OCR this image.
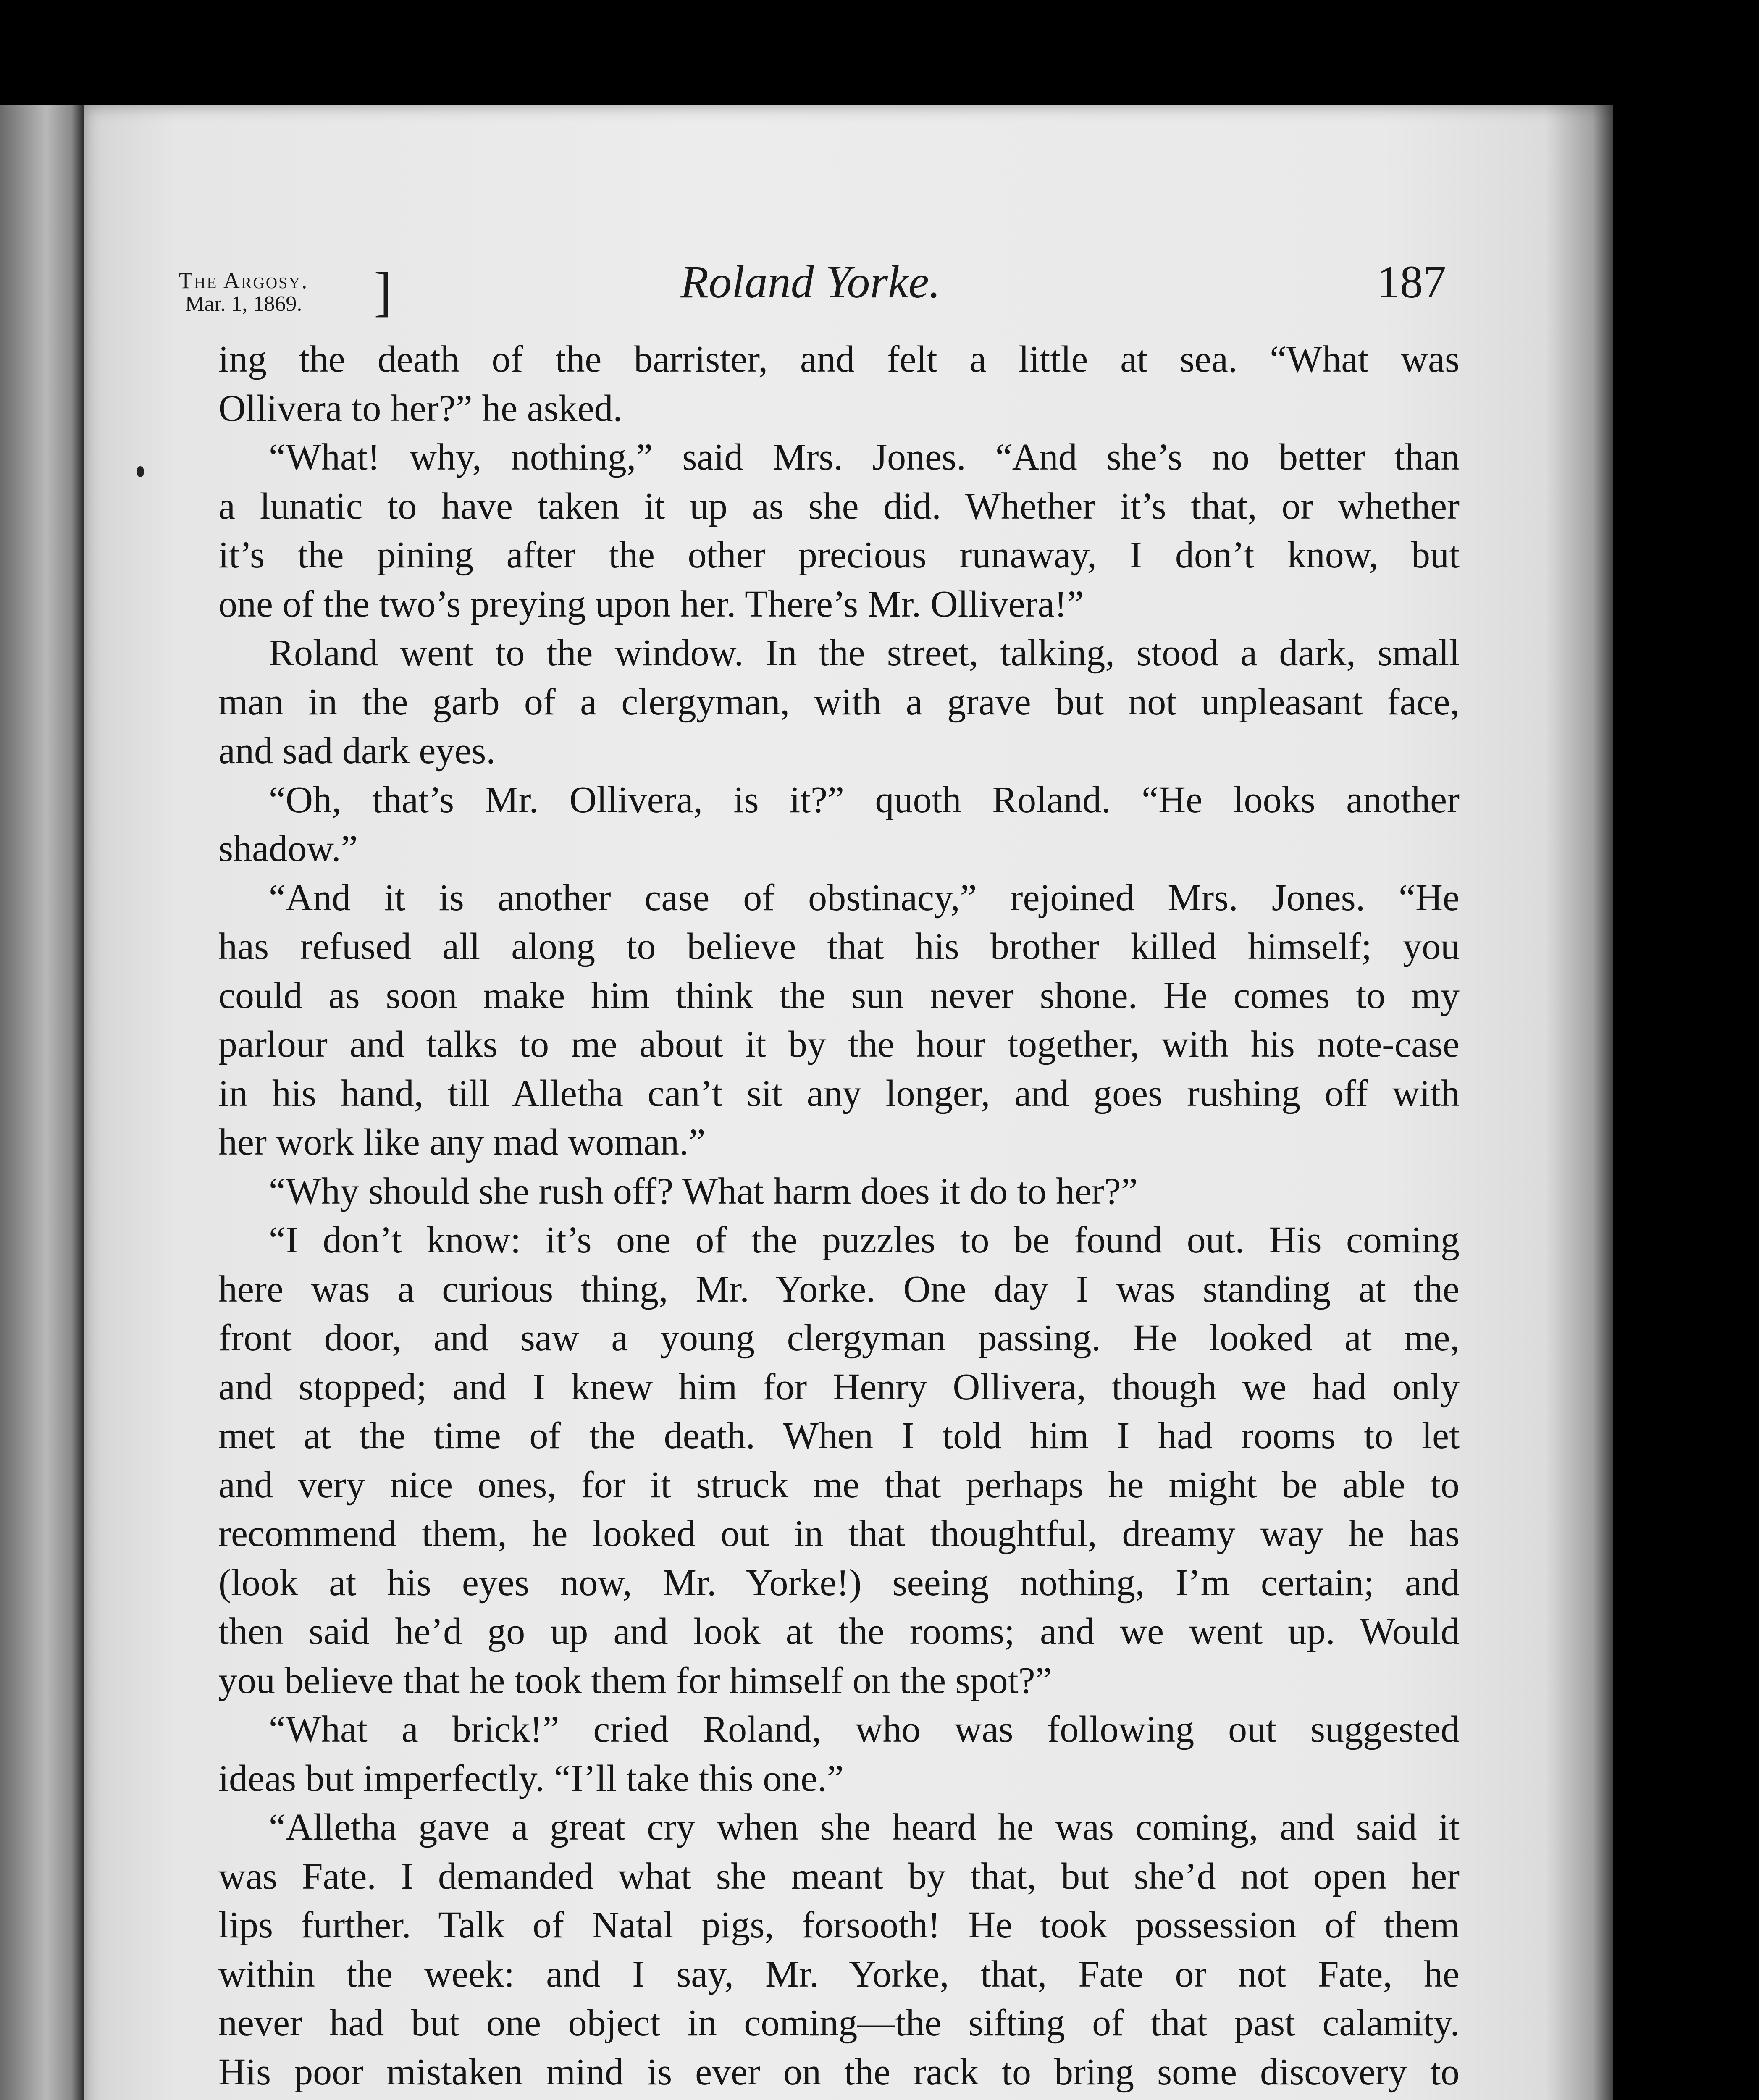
The Argosy.
Mar. 1, 1869.	]	Roland Yorke.	187
ing the death of the barrister, and felt a little at sea. “What was
Ollivera to her?” he asked.
“What! why, nothing,” said Mrs. Jones. “And she’s no better than
a lunatic to have taken it up as she did. Whether it’s that, or whether
it’s the pining after the other precious runaway, I don’t know, but
one of the two’s preying upon her. There’s Mr. Ollivera!”
Roland went to the window. In the street, talking, stood a dark, small
man in the garb of a clergyman, with a grave but not unpleasant face,
and sad dark eyes.
“Oh, that’s Mr. Ollivera, is it?” quoth Roland. “He looks another
shadow.”
“And it is another case of obstinacy,” rejoined Mrs. Jones. “He
has refused all along to believe that his brother killed himself; you
could as soon make him think the sun never shone. He comes to my
parlour and talks to me about it by the hour together, with his note-case
in his hand, till Alletha can’t sit any longer, and goes rushing off with
her work like any mad woman.”
“Why should she rush off? What harm does it do to her?”
“I don’t know: it’s one of the puzzles to be found out. His coming
here was a curious thing, Mr. Yorke. One day I was standing at the
front door, and saw a young clergyman passing. He looked at me,
and stopped; and I knew him for Henry Ollivera, though we had only
met at the time of the death. When I told him I had rooms to let
and very nice ones, for it struck me that perhaps he might be able to
recommend them, he looked out in that thoughtful, dreamy way he has
(look at his eyes now, Mr. Yorke!) seeing nothing, I’m certain; and
then said he’d go up and look at the rooms; and we went up. Would
you believe that he took them for himself on the spot?”
“What a brick!” cried Roland, who was following out suggested
ideas but imperfectly. “I’ll take this one.”
“Alletha gave a great cry when she heard he was coming, and said it
was Fate. I demanded what she meant by that, but she’d not open her
lips further. Talk of Natal pigs, forsooth! He took possession of them
within the week: and I say, Mr. Yorke, that, Fate or not Fate, he
never had but one object in coming—the sifting of that past calamity.
His poor mistaken mind is ever on the rack to bring some discovery to
